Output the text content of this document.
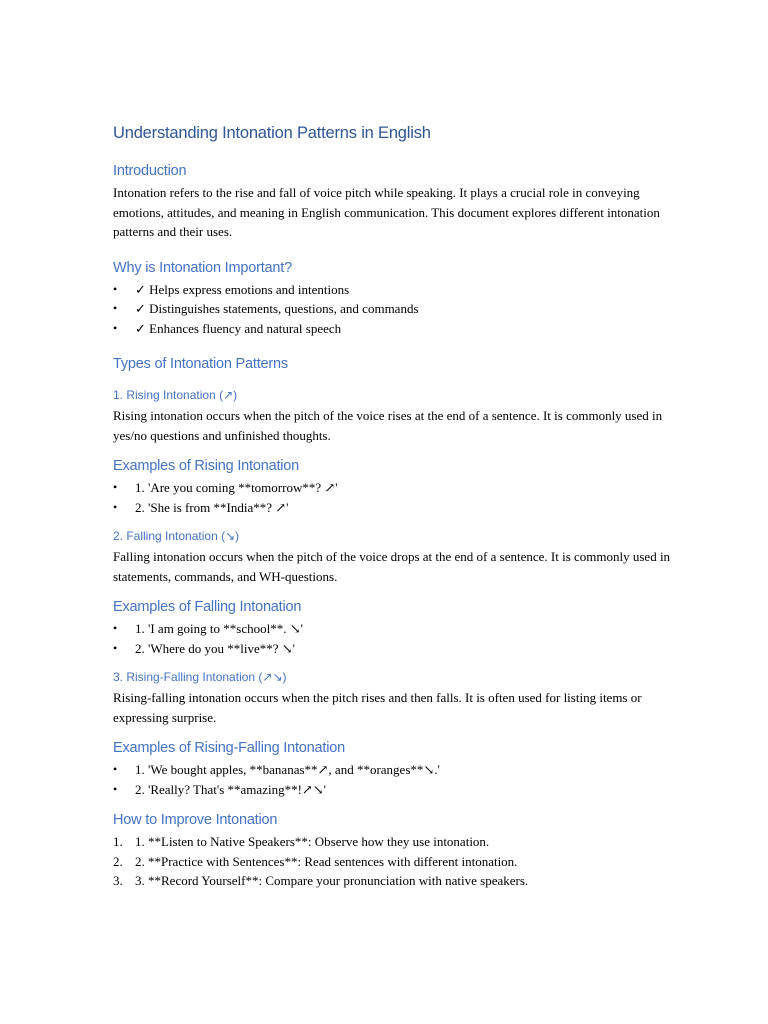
Understanding Intonation Patterns in English
Introduction

Intonation refers to the rise and fall of voice pitch while speaking. It plays a crucial role in conveying emotions, attitudes, and meaning in English communication. This document explores different intonation patterns and their uses.

Why is Intonation Important?
• ✓ Helps express emotions and intentions
• ✓ Distinguishes statements, questions, and commands
• ✓ Enhances fluency and natural speech
Types of Intonation Patterns
1. Rising Intonation (↗)

Rising intonation occurs when the pitch of the voice rises at the end of a sentence. It is commonly used in yes/no questions and unfinished thoughts.

Examples of Rising Intonation
• 1. 'Are you coming **tomorrow**? ↗'
• 2. 'She is from **India**? ↗'
2. Falling Intonation (↘)

Falling intonation occurs when the pitch of the voice drops at the end of a sentence. It is commonly used in statements, commands, and WH-questions.

Examples of Falling Intonation
• 1. 'I am going to **school**. ↘'
• 2. 'Where do you **live**? ↘'
3. Rising-Falling Intonation (↗↘)

Rising-falling intonation occurs when the pitch rises and then falls. It is often used for listing items or expressing surprise.

Examples of Rising-Falling Intonation
• 1. 'We bought apples, **bananas**↗, and **oranges**↘.'
• 2. 'Really? That's **amazing**!↗↘'
How to Improve Intonation
1. 1. **Listen to Native Speakers**: Observe how they use intonation.
2. 2. **Practice with Sentences**: Read sentences with different intonation.
3. 3. **Record Yourself**: Compare your pronunciation with native speakers.
